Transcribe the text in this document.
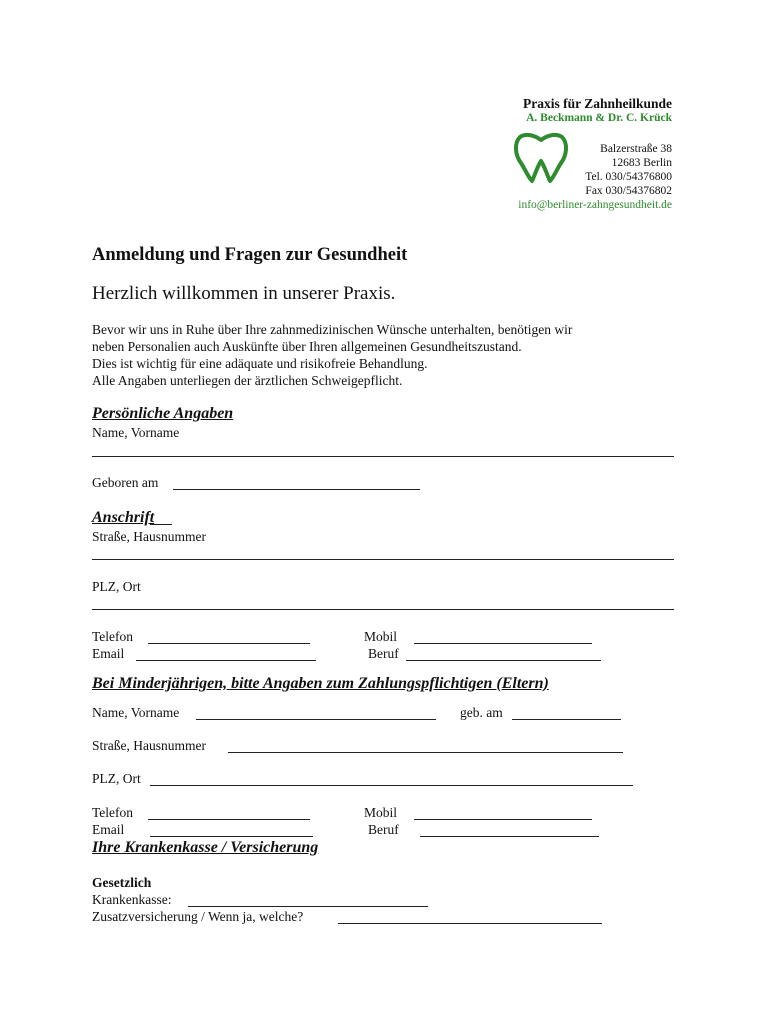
Praxis für Zahnheilkunde
A. Beckmann & Dr. C. Krück
Balzerstraße 38
12683 Berlin
Tel. 030/54376800
Fax 030/54376802
info@berliner-zahngesundheit.de
Anmeldung und Fragen zur Gesundheit
Herzlich willkommen in unserer Praxis.
Bevor wir uns in Ruhe über Ihre zahnmedizinischen Wünsche unterhalten, benötigen wir
neben Personalien auch Auskünfte über Ihren allgemeinen Gesundheitszustand.
Dies ist wichtig für eine adäquate und risikofreie Behandlung.
Alle Angaben unterliegen der ärztlichen Schweigepflicht.
Persönliche Angaben
Name, Vorname
Geboren am
Anschrift
Straße, Hausnummer
PLZ, Ort
Telefon	Mobil
Email	Beruf
Bei Minderjährigen, bitte Angaben zum Zahlungspflichtigen (Eltern)
Name, Vorname	geb. am
Straße, Hausnummer
PLZ, Ort
Telefon	Mobil
Email	Beruf
Ihre Krankenkasse / Versicherung
Gesetzlich
Krankenkasse:
Zusatzversicherung / Wenn ja, welche?
